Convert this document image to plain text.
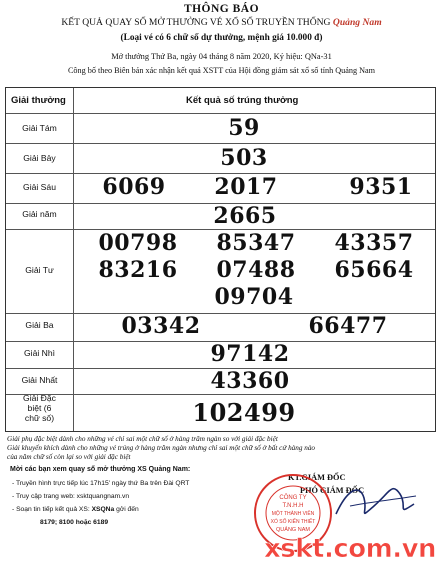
THÔNG BÁO
KẾT QUẢ QUAY SỐ MỞ THƯỞNG VÉ XỔ SỐ TRUYỀN THỐNG Quảng Nam
(Loại vé có 6 chữ số dự thưởng, mệnh giá 10.000 đ)
Mở thưởng Thứ Ba, ngày 04 tháng 8 năm 2020, Ký hiệu: QNa-31
Công bố theo Biên bản xác nhận kết quả XSTT của Hội đồng giám sát xổ số tỉnh Quảng Nam
Giải thưởng	Kết quả số trúng thưởng
Giải Tám	59
Giải Bảy	503
Giải Sáu	6069 2017	9351
Giải năm	2665
Giải Tư
00798 85347 43357
83216 07488 65664
09704
Giải Ba	03342	66477
Giải Nhì	97142
Giải Nhất	43360
Giải Đặc
biệt (6
chữ số)	102499
Giải phụ đặc biệt dành cho những vé chỉ sai một chữ số ở hàng trăm ngàn so với giải đặc biệt
Giải khuyến khích dành cho những vé trúng ở hàng trăm ngàn nhưng chỉ sai một chữ số ở bất cứ hàng nào
của năm chữ số còn lại so với giải đặc biệt
Mời các bạn xem quay số mở thưởng XS Quảng Nam:
- Truyền hình trực tiếp lúc 17h15' ngày thứ Ba trên Đài QRT
- Truy cập trang web: xsktquangnam.vn
- Soạn tin tiếp kết quả XS: XSQNa gởi đến
8179; 8100 hoặc 6189
KT.GIÁM ĐỐC
PHÓ GIÁM ĐỐC
CÔNG TY
T.N.H.H
MỘT THÀNH VIÊN
XỔ SỐ KIẾN THIẾT
QUẢNG NAM
xskt.com.vn
